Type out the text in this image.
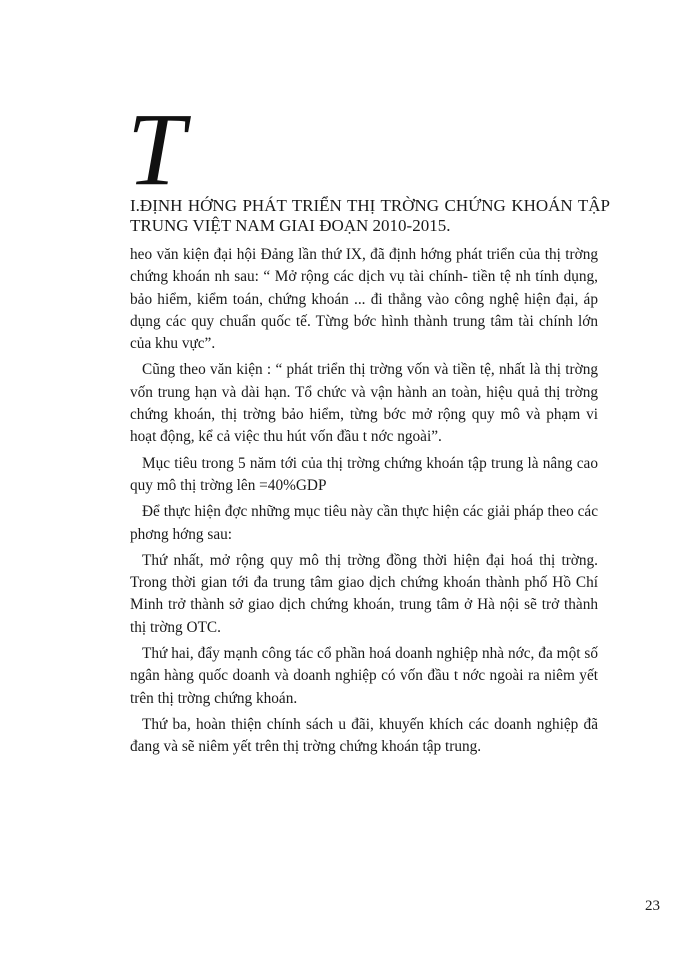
T
I.ĐỊNH HỚNG PHÁT TRIỂN THỊ TRỜNG CHỨNG KHOÁN TẬP TRUNG VIỆT NAM GIAI ĐOẠN 2010-2015.

heo văn kiện đại hội Đảng lần thứ IX, đã định hớng phát triển của thị trờng chứng khoán nh sau: “ Mở rộng các dịch vụ tài chính- tiền tệ nh tính dụng, bảo hiểm, kiểm toán, chứng khoán ... đi thẳng vào công nghệ hiện đại, áp dụng các quy chuẩn quốc tế. Từng bớc hình thành trung tâm tài chính lớn của khu vực”.

Cũng theo văn kiện : “ phát triển thị trờng vốn và tiền tệ, nhất là thị trờng vốn trung hạn và dài hạn. Tổ chức và vận hành an toàn, hiệu quả thị trờng chứng khoán, thị trờng bảo hiểm, từng bớc mở rộng quy mô và phạm vi hoạt động, kể cả việc thu hút vốn đầu t nớc ngoài”.

Mục tiêu trong 5 năm tới của thị trờng chứng khoán tập trung là nâng cao quy mô thị trờng lên =40%GDP

Để thực hiện đợc những mục tiêu này cần thực hiện các giải pháp theo các phơng hớng sau:

Thứ nhất, mở rộng quy mô thị trờng đồng thời hiện đại hoá thị trờng. Trong thời gian tới đa trung tâm giao dịch chứng khoán thành phố Hồ Chí Minh trở thành sở giao dịch chứng khoán, trung tâm ở Hà nội sẽ trở thành thị trờng OTC.

Thứ hai, đẩy mạnh công tác cổ phần hoá doanh nghiệp nhà nớc, đa một số ngân hàng quốc doanh và doanh nghiệp có vốn đầu t nớc ngoài ra niêm yết trên thị trờng chứng khoán.

Thứ ba, hoàn thiện chính sách u đãi, khuyến khích các doanh nghiệp đã đang và sẽ niêm yết trên thị trờng chứng khoán tập trung.

23
